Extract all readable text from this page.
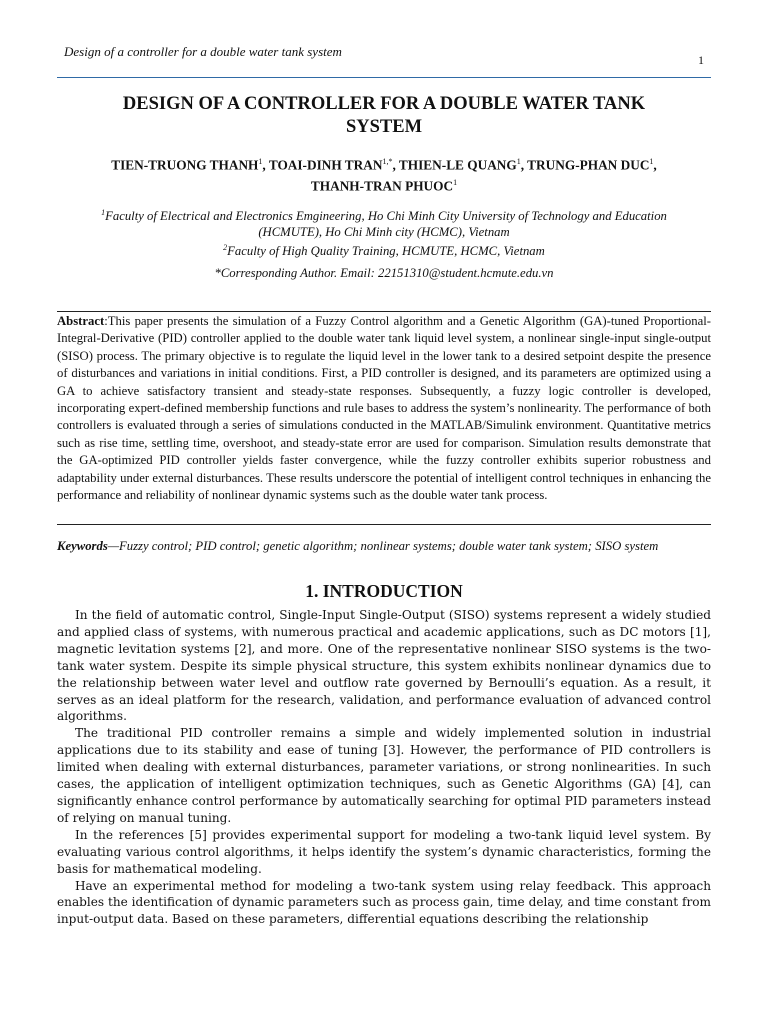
Design of a controller for a double water tank system
1
DESIGN OF A CONTROLLER FOR A DOUBLE WATER TANK
SYSTEM
TIEN-TRUONG THANH$^1$, TOAI-DINH $TRAN^{1,*}$, THIEN-LE QUANG$^1$, TRUNG-PHAN DUC$^1$,
THANH-TRAN PHUOC$^1$
$^1$Faculty of Electrical and Electronics Emgineering, Ho Chi Minh City University of Technology and Education
(HCMUTE), Ho Chi Minh city (HCMC), Vietnam
$^2$Faculty of High Quality Training, HCMUTE, HCMC, Vietnam
*Corresponding Author. Email: 22151310@student.hcmute.edu.vn
Abstract:This paper presents the simulation of a Fuzzy Control algorithm and a Genetic Algorithm (GA)-tuned Proportional-Integral-Derivative (PID) controller applied to the double water tank liquid level system, a nonlinear single-input single-output (SISO) process. The primary objective is to regulate the liquid level in the lower tank to a desired setpoint despite the presence of disturbances and variations in initial conditions. First, a PID controller is designed, and its parameters are optimized using a GA to achieve satisfactory transient and steady-state responses. Subsequently, a fuzzy logic controller is developed, incorporating expert-defined membership functions and rule bases to address the system’s nonlinearity. The performance of both controllers is evaluated through a series of simulations conducted in the MATLAB/Simulink environment. Quantitative metrics such as rise time, settling time, overshoot, and steady-state error are used for comparison. Simulation results demonstrate that the GA-optimized PID controller yields faster convergence, while the fuzzy controller exhibits superior robustness and adaptability under external disturbances. These results underscore the potential of intelligent control techniques in enhancing the performance and reliability of nonlinear dynamic systems such as the double water tank process.
Keywords—Fuzzy control; PID control; genetic algorithm; nonlinear systems; double water tank system; SISO system
1. INTRODUCTION

In the field of automatic control, Single-Input Single-Output (SISO) systems represent a widely studied and applied class of systems, with numerous practical and academic applications, such as DC motors [1], magnetic levitation systems [2], and more. One of the representative nonlinear SISO systems is the two-tank water system. Despite its simple physical structure, this system exhibits nonlinear dynamics due to the relationship between water level and outflow rate governed by Bernoulli’s equation. As a result, it serves as an ideal platform for the research, validation, and performance evaluation of advanced control algorithms.

The traditional PID controller remains a simple and widely implemented solution in industrial applications due to its stability and ease of tuning [3]. However, the performance of PID controllers is limited when dealing with external disturbances, parameter variations, or strong nonlinearities. In such cases, the application of intelligent optimization techniques, such as Genetic Algorithms (GA) [4], can significantly enhance control performance by automatically searching for optimal PID parameters instead of relying on manual tuning.

In the references [5] provides experimental support for modeling a two-tank liquid level system. By evaluating various control algorithms, it helps identify the system’s dynamic characteristics, forming the basis for mathematical modeling.

Have an experimental method for modeling a two-tank system using relay feedback. This approach enables the identification of dynamic parameters such as process gain, time delay, and time constant from input-output data. Based on these parameters, differential equations describing the relationship
